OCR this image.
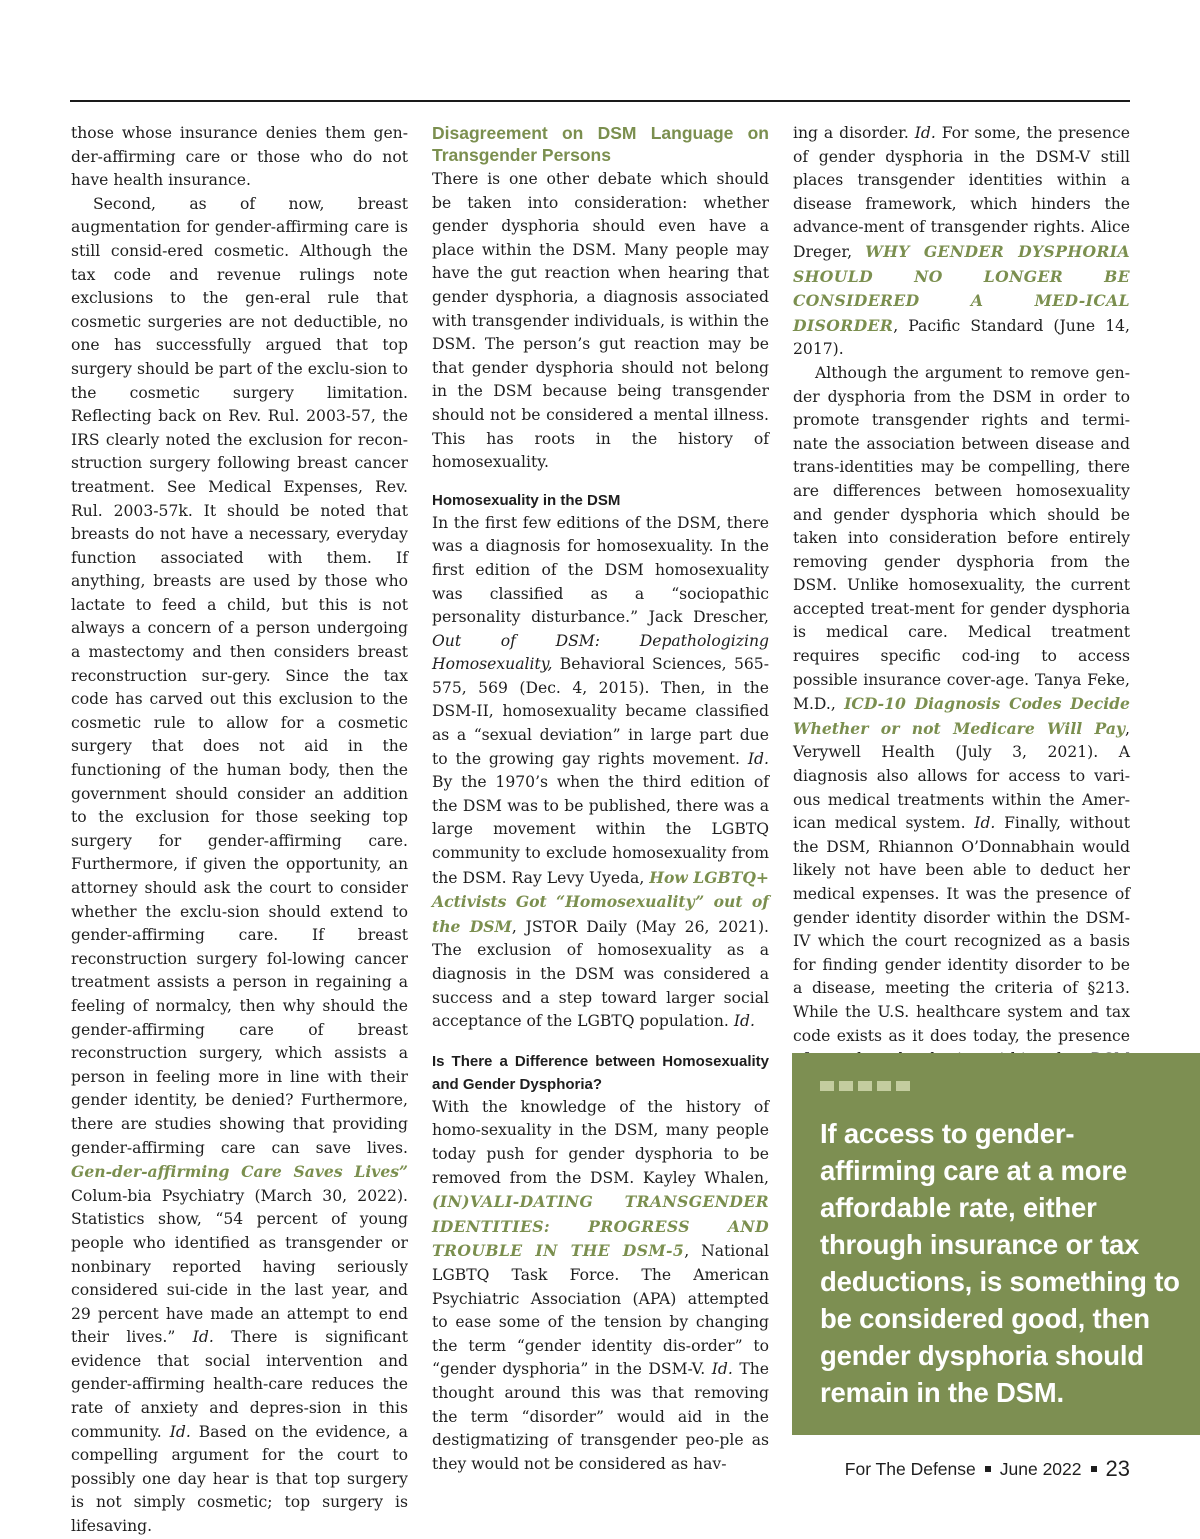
those whose insurance denies them gen-der-affirming care or those who do not have health insurance.

Second, as of now, breast augmentation for gender-affirming care is still consid-ered cosmetic. Although the tax code and revenue rulings note exclusions to the gen-eral rule that cosmetic surgeries are not deductible, no one has successfully argued that top surgery should be part of the exclu-sion to the cosmetic surgery limitation. Reflecting back on Rev. Rul. 2003-57, the IRS clearly noted the exclusion for recon-struction surgery following breast cancer treatment. See Medical Expenses, Rev. Rul. 2003-57k. It should be noted that breasts do not have a necessary, everyday function associated with them. If anything, breasts are used by those who lactate to feed a child, but this is not always a concern of a person undergoing a mastectomy and then considers breast reconstruction sur-gery. Since the tax code has carved out this exclusion to the cosmetic rule to allow for a cosmetic surgery that does not aid in the functioning of the human body, then the government should consider an addition to the exclusion for those seeking top surgery for gender-affirming care. Furthermore, if given the opportunity, an attorney should ask the court to consider whether the exclu-sion should extend to gender-affirming care. If breast reconstruction surgery fol-lowing cancer treatment assists a person in regaining a feeling of normalcy, then why should the gender-affirming care of breast reconstruction surgery, which assists a person in feeling more in line with their gender identity, be denied? Furthermore, there are studies showing that providing gender-affirming care can save lives. Gen-der-affirming Care Saves Lives” Colum-bia Psychiatry (March 30, 2022). Statistics show, “54 percent of young people who identified as transgender or nonbinary reported having seriously considered sui-cide in the last year, and 29 percent have made an attempt to end their lives.” Id. There is significant evidence that social intervention and gender-affirming health-care reduces the rate of anxiety and depres-sion in this community. Id. Based on the evidence, a compelling argument for the court to possibly one day hear is that top surgery is not simply cosmetic; top surgery is lifesaving.

Disagreement on DSM Language on Transgender Persons

There is one other debate which should be taken into consideration: whether gender dysphoria should even have a place within the DSM. Many people may have the gut reaction when hearing that gender dysphoria, a diagnosis associated with transgender individuals, is within the DSM. The person’s gut reaction may be that gender dysphoria should not belong in the DSM because being transgender should not be considered a mental illness. This has roots in the history of homosexuality.

Homosexuality in the DSM

In the first few editions of the DSM, there was a diagnosis for homosexuality. In the first edition of the DSM homosexuality was classified as a “sociopathic personality disturbance.” Jack Drescher, Out of DSM: Depathologizing Homosexuality, Behavioral Sciences, 565-575, 569 (Dec. 4, 2015). Then, in the DSM-II, homosexuality became classified as a “sexual deviation” in large part due to the growing gay rights movement. Id. By the 1970’s when the third edition of the DSM was to be published, there was a large movement within the LGBTQ community to exclude homosexuality from the DSM. Ray Levy Uyeda, How LGBTQ+ Activists Got “Homosexuality” out of the DSM, JSTOR Daily (May 26, 2021). The exclusion of homosexuality as a diagnosis in the DSM was considered a success and a step toward larger social acceptance of the LGBTQ population. Id.

Is There a Difference between Homosexuality and Gender Dysphoria?

With the knowledge of the history of homo-sexuality in the DSM, many people today push for gender dysphoria to be removed from the DSM. Kayley Whalen, (IN)VALI-DATING TRANSGENDER IDENTITIES: PROGRESS AND TROUBLE IN THE DSM-5, National LGBTQ Task Force. The American Psychiatric Association (APA) attempted to ease some of the tension by changing the term “gender identity dis-order” to “gender dysphoria” in the DSM-V. Id. The thought around this was that removing the term “disorder” would aid in the destigmatizing of transgender peo-ple as they would not be considered as hav-

ing a disorder. Id. For some, the presence of gender dysphoria in the DSM-V still places transgender identities within a disease framework, which hinders the advance-ment of transgender rights. Alice Dreger, WHY GENDER DYSPHORIA SHOULD NO LONGER BE CONSIDERED A MED-ICAL DISORDER, Pacific Standard (June 14, 2017).

Although the argument to remove gen-der dysphoria from the DSM in order to promote transgender rights and termi-nate the association between disease and trans-identities may be compelling, there are differences between homosexuality and gender dysphoria which should be taken into consideration before entirely removing gender dysphoria from the DSM. Unlike homosexuality, the current accepted treat-ment for gender dysphoria is medical care. Medical treatment requires specific cod-ing to access possible insurance cover-age. Tanya Feke, M.D., ICD-10 Diagnosis Codes Decide Whether or not Medicare Will Pay, Verywell Health (July 3, 2021). A diagnosis also allows for access to vari-ous medical treatments within the Amer-ican medical system. Id. Finally, without the DSM, Rhiannon O’Donnabhain would likely not have been able to deduct her medical expenses. It was the presence of gender identity disorder within the DSM-IV which the court recognized as a basis for finding gender identity disorder to be a disease, meeting the criteria of §213. While the U.S. healthcare system and tax code exists as it does today, the presence

If access to gender-affirming care at a more affordable rate, either through insurance or tax deductions, is something to be considered good, then gender dysphoria should remain in the DSM.
For The Defense June 2022 23
